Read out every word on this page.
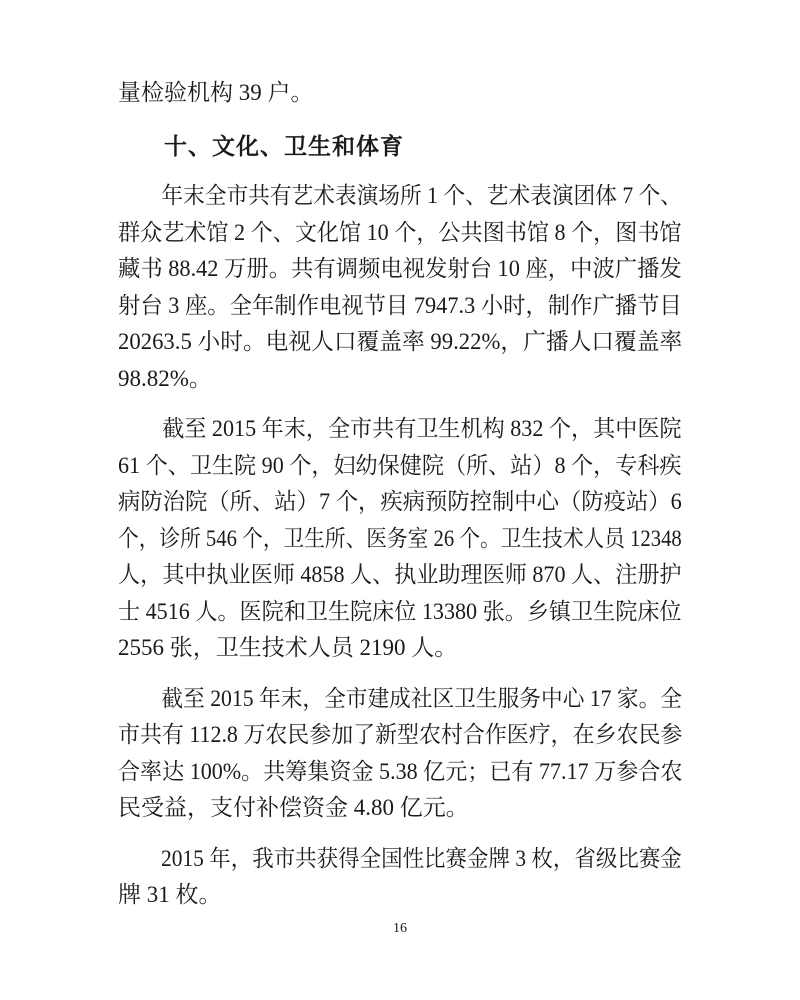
量检验机构 39 户。

十、文化、卫生和体育
年末全市共有艺术表演场所 1 个、艺术表演团体 7 个、
群众艺术馆 2 个、文化馆 10 个，公共图书馆 8 个，图书馆
藏书 88.42 万册。共有调频电视发射台 10 座，中波广播发
射台 3 座。全年制作电视节目 7947.3 小时，制作广播节目
20263.5 小时。电视人口覆盖率 99.22%，广播人口覆盖率
98.82%。
截至 2015 年末，全市共有卫生机构 832 个，其中医院
61 个、卫生院 90 个，妇幼保健院（所、站）8 个，专科疾
病防治院（所、站）7 个，疾病预防控制中心（防疫站）6
个，诊所 546 个，卫生所、医务室 26 个。卫生技术人员 12348
人，其中执业医师 4858 人、执业助理医师 870 人、注册护
士 4516 人。医院和卫生院床位 13380 张。乡镇卫生院床位
2556 张，卫生技术人员 2190 人。
截至 2015 年末，全市建成社区卫生服务中心 17 家。全
市共有 112.8 万农民参加了新型农村合作医疗，在乡农民参
合率达 100%。共筹集资金 5.38 亿元；已有 77.17 万参合农
民受益，支付补偿资金 4.80 亿元。
2015 年，我市共获得全国性比赛金牌 3 枚，省级比赛金
牌 31 枚。
16
